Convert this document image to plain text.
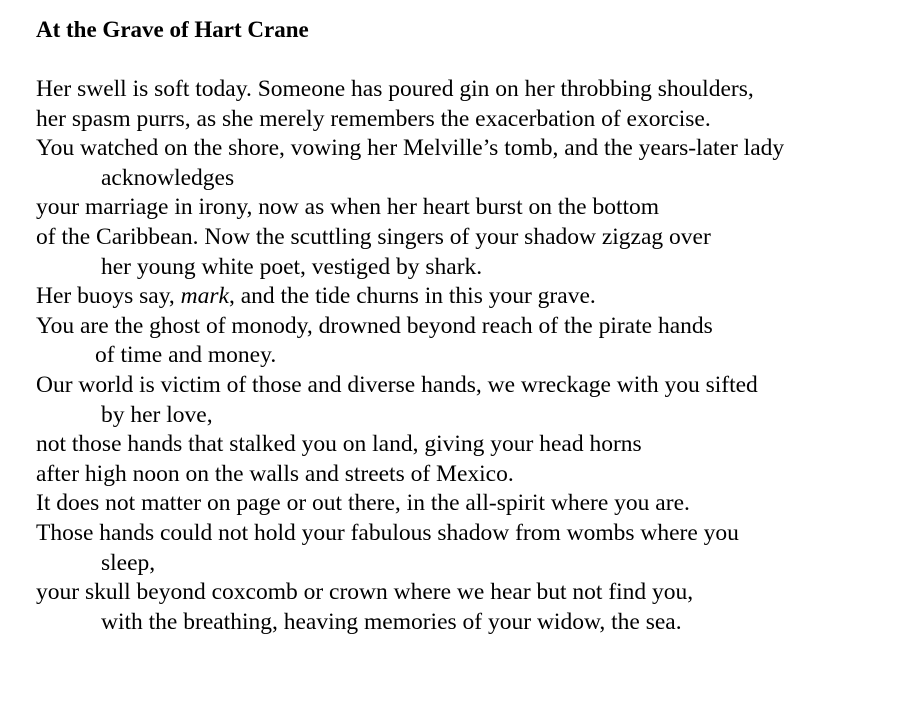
At the Grave of Hart Crane
Her swell is soft today. Someone has poured gin on her throbbing shoulders,
her spasm purrs, as she merely remembers the exacerbation of exorcise.
You watched on the shore, vowing her Melville’s tomb, and the years-later lady
acknowledges
your marriage in irony, now as when her heart burst on the bottom
of the Caribbean. Now the scuttling singers of your shadow zigzag over
her young white poet, vestiged by shark.
Her buoys say, mark, and the tide churns in this your grave.
You are the ghost of monody, drowned beyond reach of the pirate hands
of time and money.
Our world is victim of those and diverse hands, we wreckage with you sifted
by her love,
not those hands that stalked you on land, giving your head horns
after high noon on the walls and streets of Mexico.
It does not matter on page or out there, in the all-spirit where you are.
Those hands could not hold your fabulous shadow from wombs where you
sleep,
your skull beyond coxcomb or crown where we hear but not find you,
with the breathing, heaving memories of your widow, the sea.
